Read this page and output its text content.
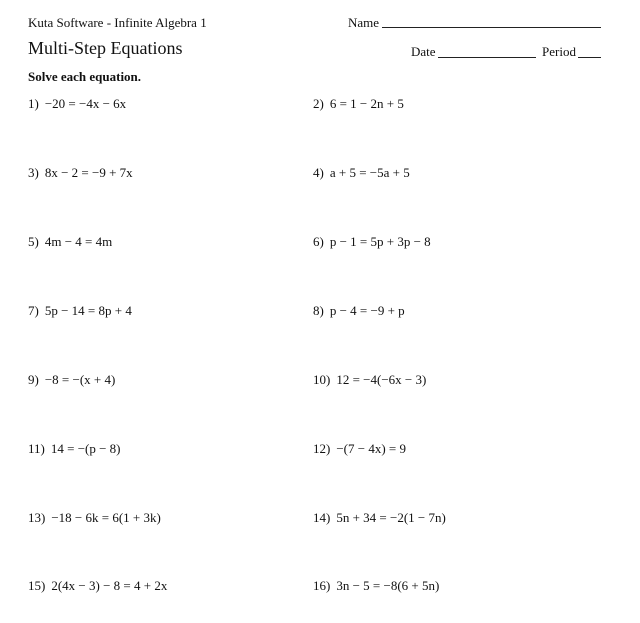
Kuta Software - Infinite Algebra 1	Name
Multi-Step Equations	Date	Period
Solve each equation.
1) −20 = −4x − 6x	2) 6 = 1 − 2n + 5
3) 8x − 2 = −9 + 7x	4) a + 5 = −5a + 5
5) 4m − 4 = 4m	6) p − 1 = 5p + 3p − 8
7) 5p − 14 = 8p + 4	8) p − 4 = −9 + p
9) −8 = −(x + 4)	10) 12 = −4(−6x − 3)
11) 14 = −(p − 8)	12) −(7 − 4x) = 9
13) −18 − 6k = 6(1 + 3k)	14) 5n + 34 = −2(1 − 7n)
15) 2(4x − 3) − 8 = 4 + 2x	16) 3n − 5 = −8(6 + 5n)
